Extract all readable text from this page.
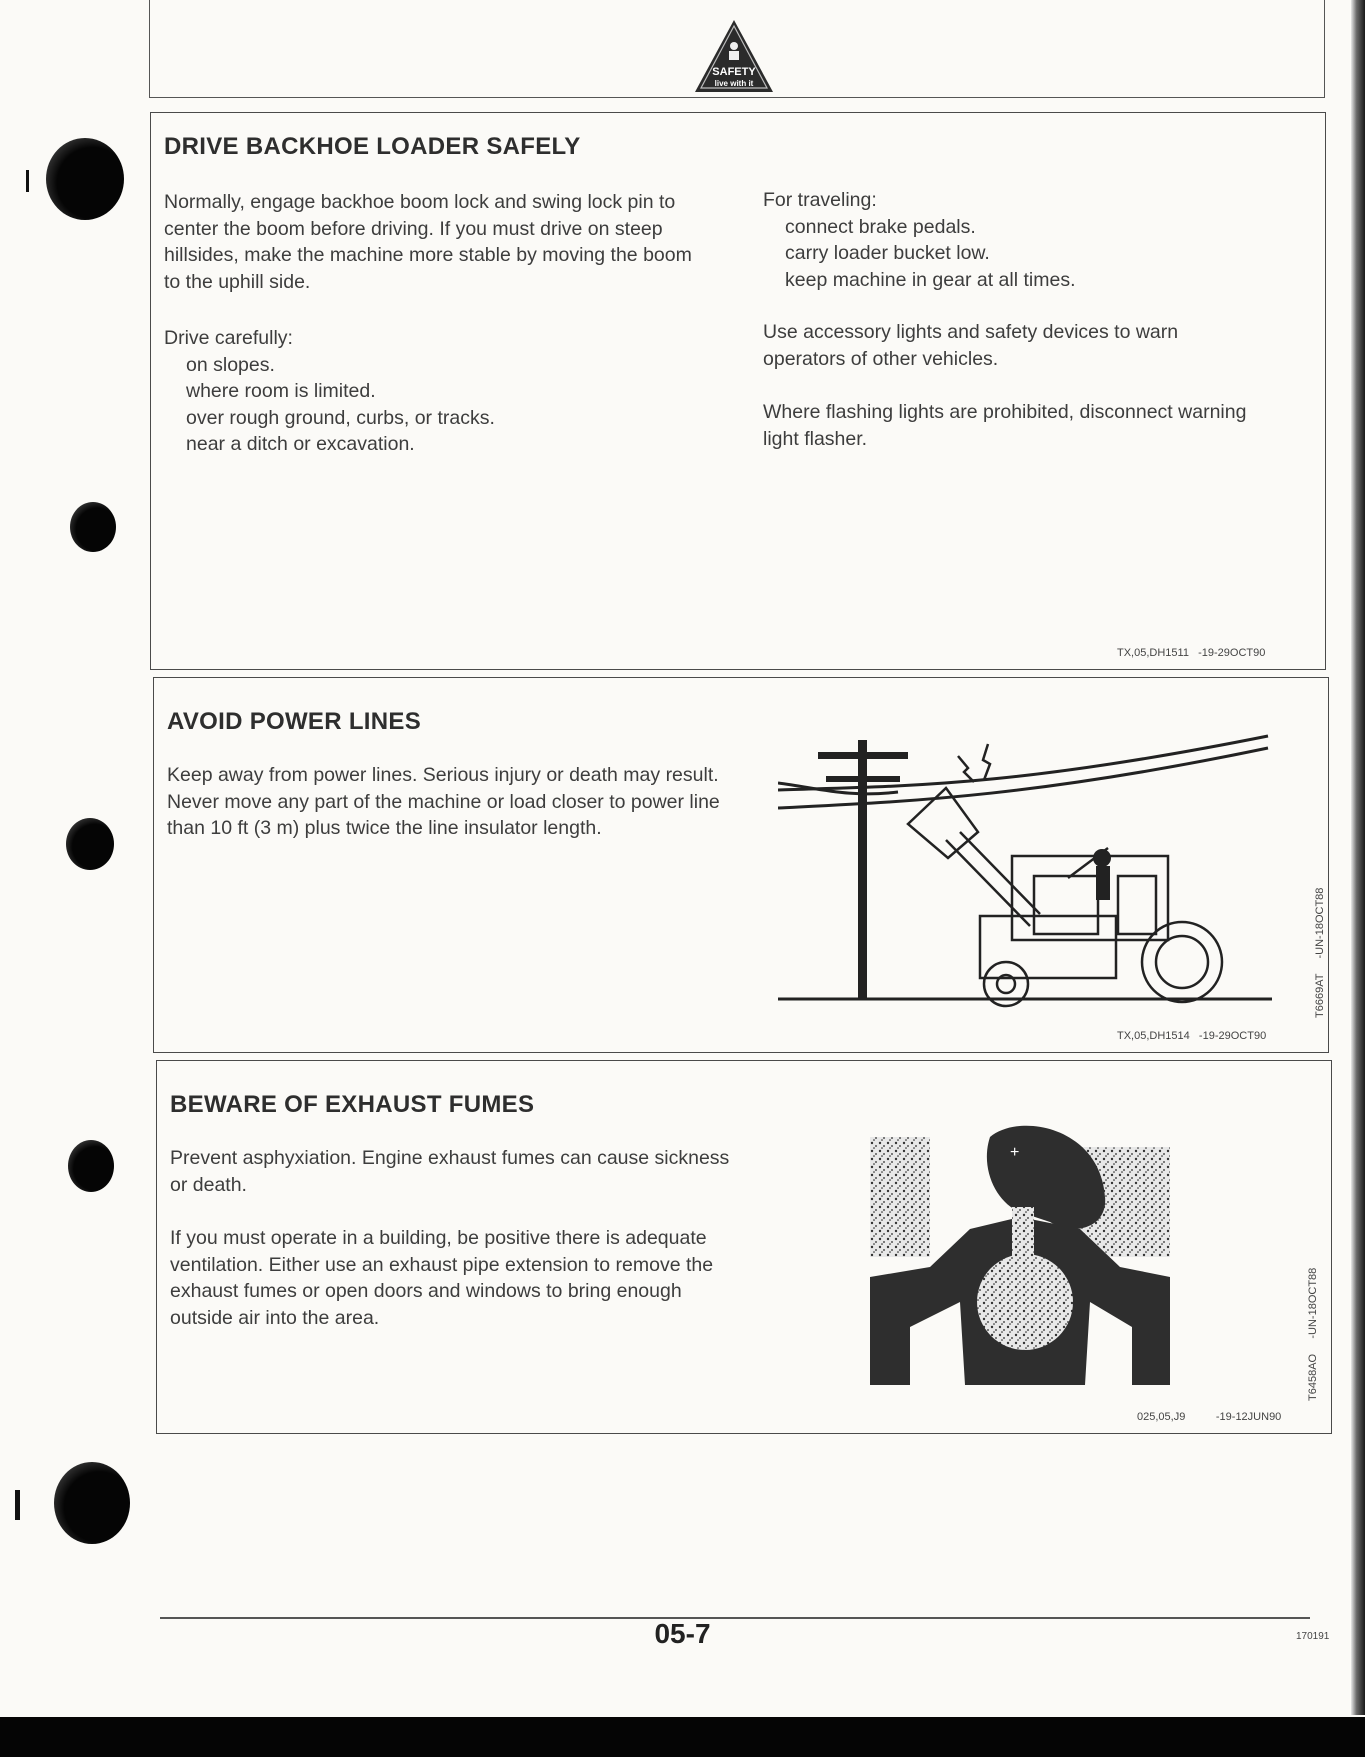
SAFETY
live with it
DRIVE BACKHOE LOADER SAFELY

Normally, engage backhoe boom lock and swing lock pin to center the boom before driving. If you must drive on steep hillsides, make the machine more stable by moving the boom to the uphill side.

Drive carefully:
on slopes.
where room is limited.
over rough ground, curbs, or tracks.
near a ditch or excavation.
For traveling:
connect brake pedals.
carry loader bucket low.
keep machine in gear at all times.

Use accessory lights and safety devices to warn operators of other vehicles.

Where flashing lights are prohibited, disconnect warning light flasher.

TX,05,DH1511   -19-29OCT90
AVOID POWER LINES

Keep away from power lines. Serious injury or death may result. Never move any part of the machine or load closer to power line than 10 ft (3 m) plus twice the line insulator length.

T6669AT     -UN-18OCT88
TX,05,DH1514   -19-29OCT90
BEWARE OF EXHAUST FUMES

Prevent asphyxiation. Engine exhaust fumes can cause sickness or death.

If you must operate in a building, be positive there is adequate ventilation. Either use an exhaust pipe extension to remove the exhaust fumes or open doors and windows to bring enough outside air into the area.

+
T6458AO     -UN-18OCT88
025,05,J9          -19-12JUN90
05-7	170191
